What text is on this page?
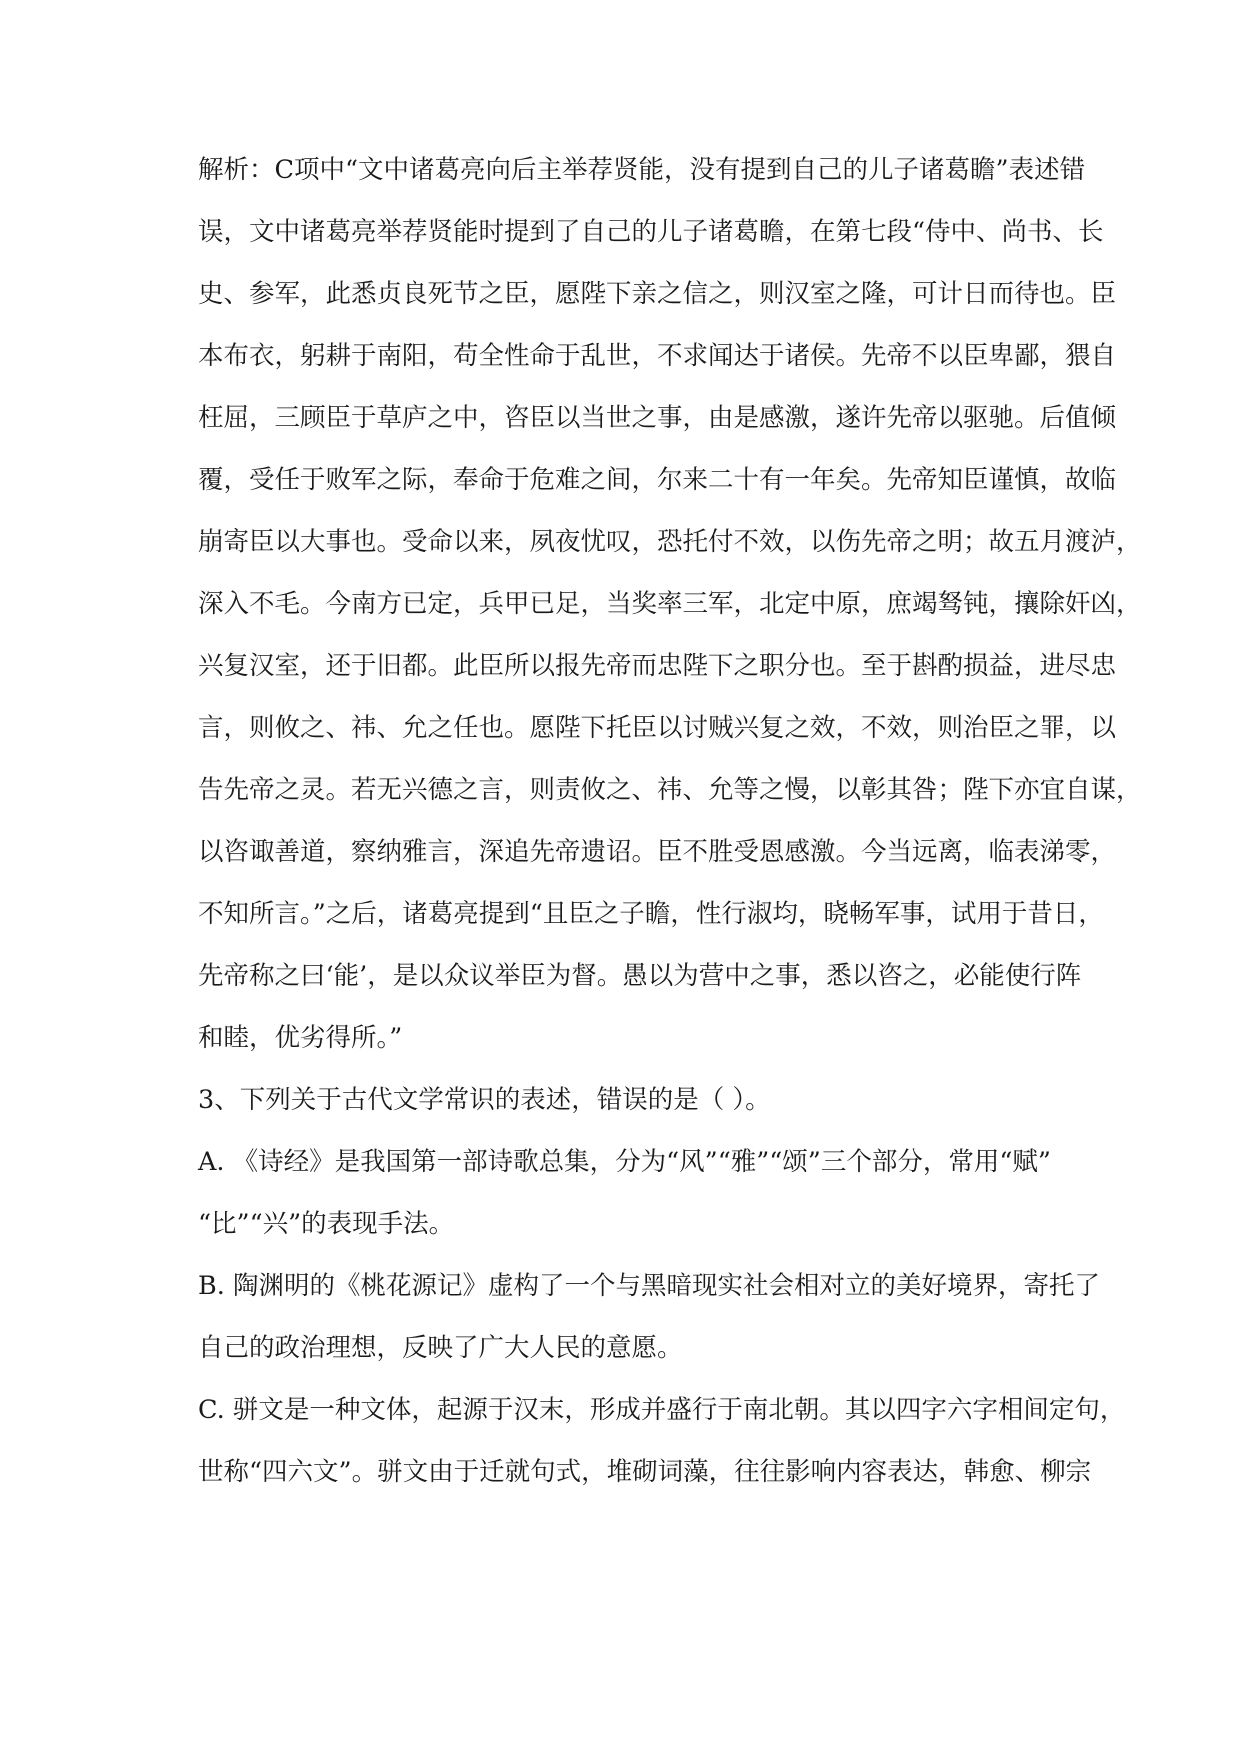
解析：C项中“文中诸葛亮向后主举荐贤能，没有提到自己的儿子诸葛瞻”表述错
误，文中诸葛亮举荐贤能时提到了自己的儿子诸葛瞻，在第七段“侍中、尚书、长
史、参军，此悉贞良死节之臣，愿陛下亲之信之，则汉室之隆，可计日而待也。臣
本布衣，躬耕于南阳，苟全性命于乱世，不求闻达于诸侯。先帝不以臣卑鄙，猥自
枉屈，三顾臣于草庐之中，咨臣以当世之事，由是感激，遂许先帝以驱驰。后值倾
覆，受任于败军之际，奉命于危难之间，尔来二十有一年矣。先帝知臣谨慎，故临
崩寄臣以大事也。受命以来，夙夜忧叹，恐托付不效，以伤先帝之明；故五月渡泸，
深入不毛。今南方已定，兵甲已足，当奖率三军，北定中原，庶竭驽钝，攘除奸凶，
兴复汉室，还于旧都。此臣所以报先帝而忠陛下之职分也。至于斟酌损益，进尽忠
言，则攸之、祎、允之任也。愿陛下托臣以讨贼兴复之效，不效，则治臣之罪，以
告先帝之灵。若无兴德之言，则责攸之、祎、允等之慢，以彰其咎；陛下亦宜自谋，
以咨诹善道，察纳雅言，深追先帝遗诏。臣不胜受恩感激。今当远离，临表涕零，
不知所言。”之后，诸葛亮提到“且臣之子瞻，性行淑均，晓畅军事，试用于昔日，
先帝称之曰‘能’，是以众议举臣为督。愚以为营中之事，悉以咨之，必能使行阵
和睦，优劣得所。”
3、下列关于古代文学常识的表述，错误的是（ ）。
A. 《诗经》是我国第一部诗歌总集，分为“风”“雅”“颂”三个部分，常用“赋”
“比”“兴”的表现手法。
B. 陶渊明的《桃花源记》虚构了一个与黑暗现实社会相对立的美好境界，寄托了
自己的政治理想，反映了广大人民的意愿。
C. 骈文是一种文体，起源于汉末，形成并盛行于南北朝。其以四字六字相间定句，
世称“四六文”。骈文由于迁就句式，堆砌词藻，往往影响内容表达，韩愈、柳宗
